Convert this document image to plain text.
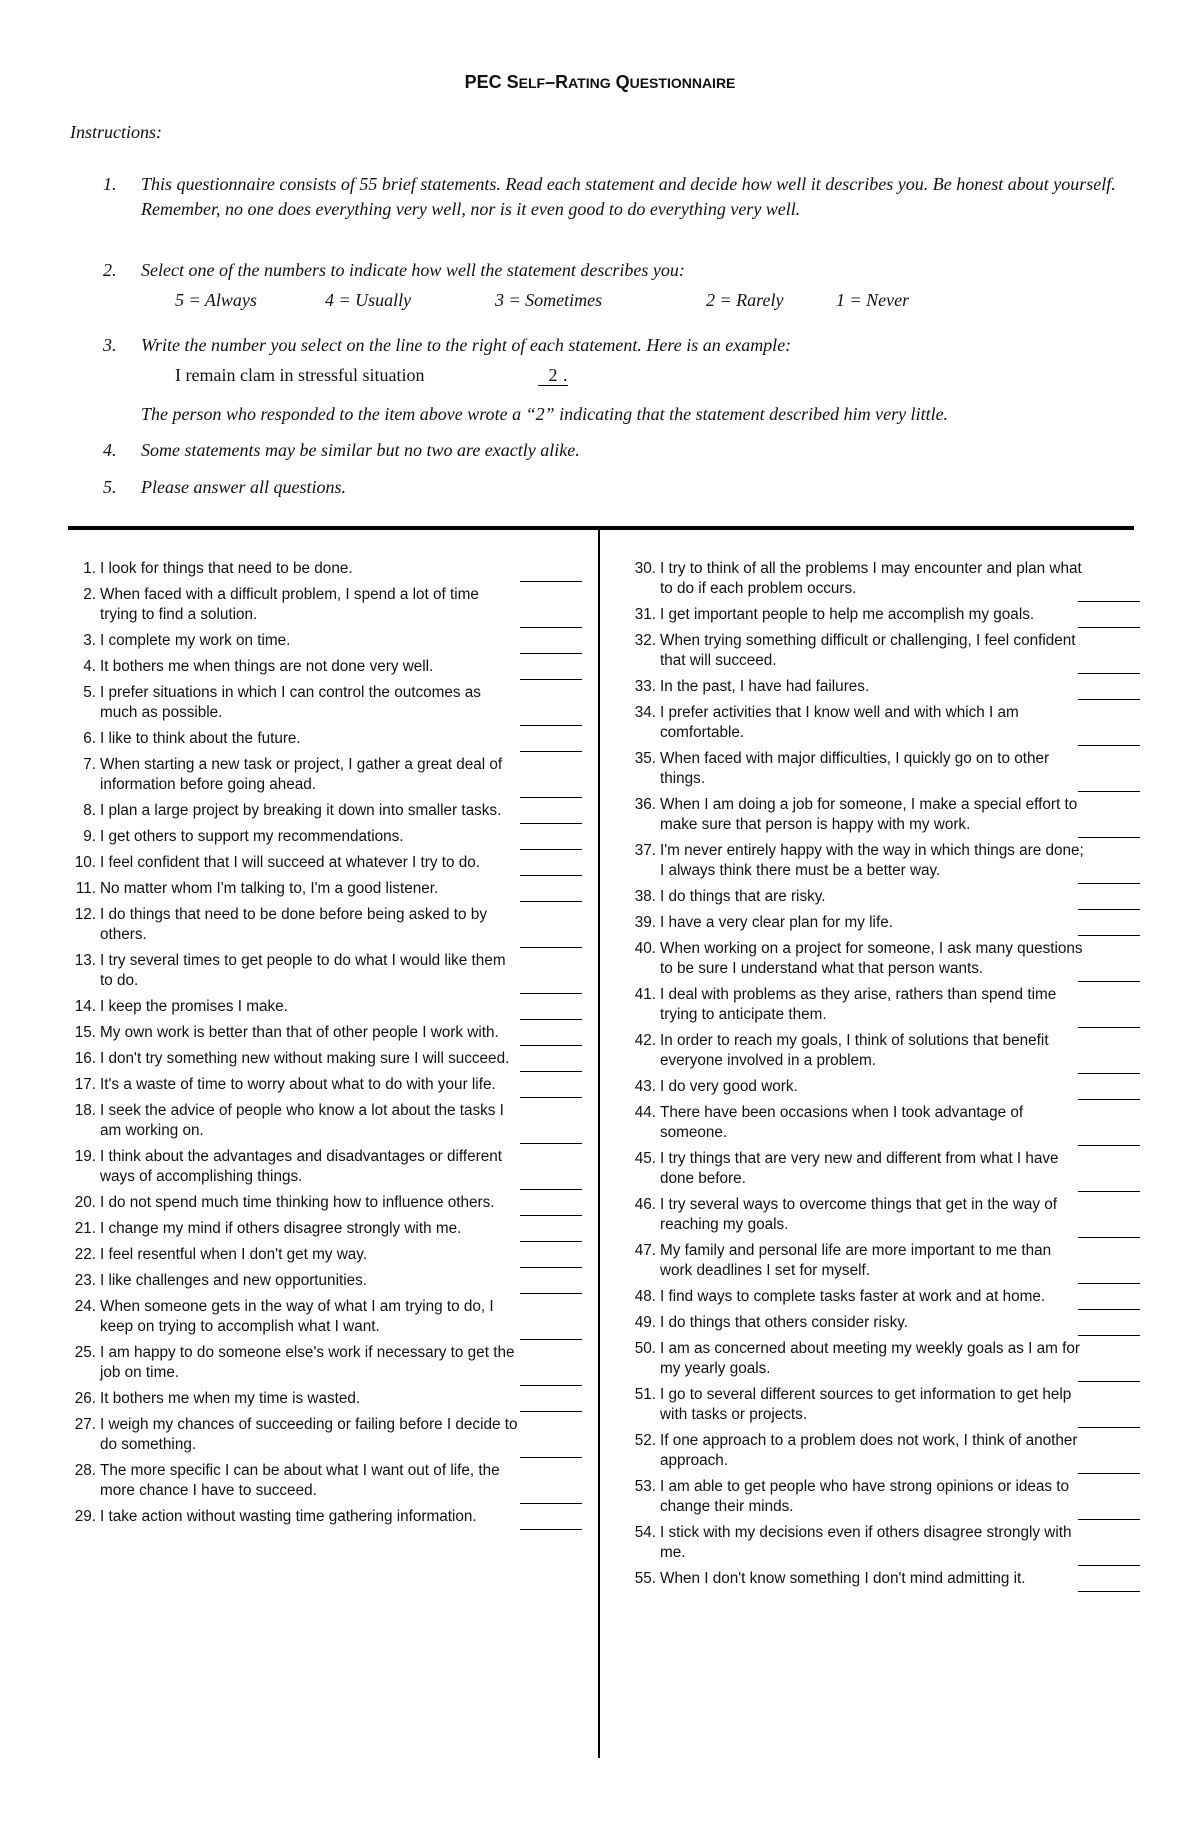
PEC SELF–RATING QUESTIONNAIRE
Instructions:
1. This questionnaire consists of 55 brief statements. Read each statement and decide how well it describes you. Be honest about yourself. Remember, no one does everything very well, nor is it even good to do everything very well.
2. Select one of the numbers to indicate how well the statement describes you:
5 = Always	4 = Usually	3 = Sometimes	2 = Rarely	1 = Never
3. Write the number you select on the line to the right of each statement. Here is an example:
I remain clam in stressful situation	2 .
The person who responded to the item above wrote a “2” indicating that the statement described him very little.
4. Some statements may be similar but no two are exactly alike.
5. Please answer all questions.
1. I look for things that need to be done.
2. When faced with a difficult problem, I spend a lot of time trying to find a solution.
3. I complete my work on time.
4. It bothers me when things are not done very well.
5. I prefer situations in which I can control the outcomes as much as possible.
6. I like to think about the future.
7. When starting a new task or project, I gather a great deal of information before going ahead.
8. I plan a large project by breaking it down into smaller tasks.
9. I get others to support my recommendations.
10. I feel confident that I will succeed at whatever I try to do.
11. No matter whom I'm talking to, I'm a good listener.
12. I do things that need to be done before being asked to by others.
13. I try several times to get people to do what I would like them to do.
14. I keep the promises I make.
15. My own work is better than that of other people I work with.
16. I don't try something new without making sure I will succeed.
17. It's a waste of time to worry about what to do with your life.
18. I seek the advice of people who know a lot about the tasks I am working on.
19. I think about the advantages and disadvantages or different ways of accomplishing things.
20. I do not spend much time thinking how to influence others.
21. I change my mind if others disagree strongly with me.
22. I feel resentful when I don't get my way.
23. I like challenges and new opportunities.
24. When someone gets in the way of what I am trying to do, I keep on trying to accomplish what I want.
25. I am happy to do someone else's work if necessary to get the job on time.
26. It bothers me when my time is wasted.
27. I weigh my chances of succeeding or failing before I decide to do something.
28. The more specific I can be about what I want out of life, the more chance I have to succeed.
29. I take action without wasting time gathering information.
30. I try to think of all the problems I may encounter and plan what to do if each problem occurs.
31. I get important people to help me accomplish my goals.
32. When trying something difficult or challenging, I feel confident that will succeed.
33. In the past, I have had failures.
34. I prefer activities that I know well and with which I am comfortable.
35. When faced with major difficulties, I quickly go on to other things.
36. When I am doing a job for someone, I make a special effort to make sure that person is happy with my work.
37. I'm never entirely happy with the way in which things are done; I always think there must be a better way.
38. I do things that are risky.
39. I have a very clear plan for my life.
40. When working on a project for someone, I ask many questions to be sure I understand what that person wants.
41. I deal with problems as they arise, rathers than spend time trying to anticipate them.
42. In order to reach my goals, I think of solutions that benefit everyone involved in a problem.
43. I do very good work.
44. There have been occasions when I took advantage of someone.
45. I try things that are very new and different from what I have done before.
46. I try several ways to overcome things that get in the way of reaching my goals.
47. My family and personal life are more important to me than work deadlines I set for myself.
48. I find ways to complete tasks faster at work and at home.
49. I do things that others consider risky.
50. I am as concerned about meeting my weekly goals as I am for my yearly goals.
51. I go to several different sources to get information to get help with tasks or projects.
52. If one approach to a problem does not work, I think of another approach.
53. I am able to get people who have strong opinions or ideas to change their minds.
54. I stick with my decisions even if others disagree strongly with me.
55. When I don't know something I don't mind admitting it.
